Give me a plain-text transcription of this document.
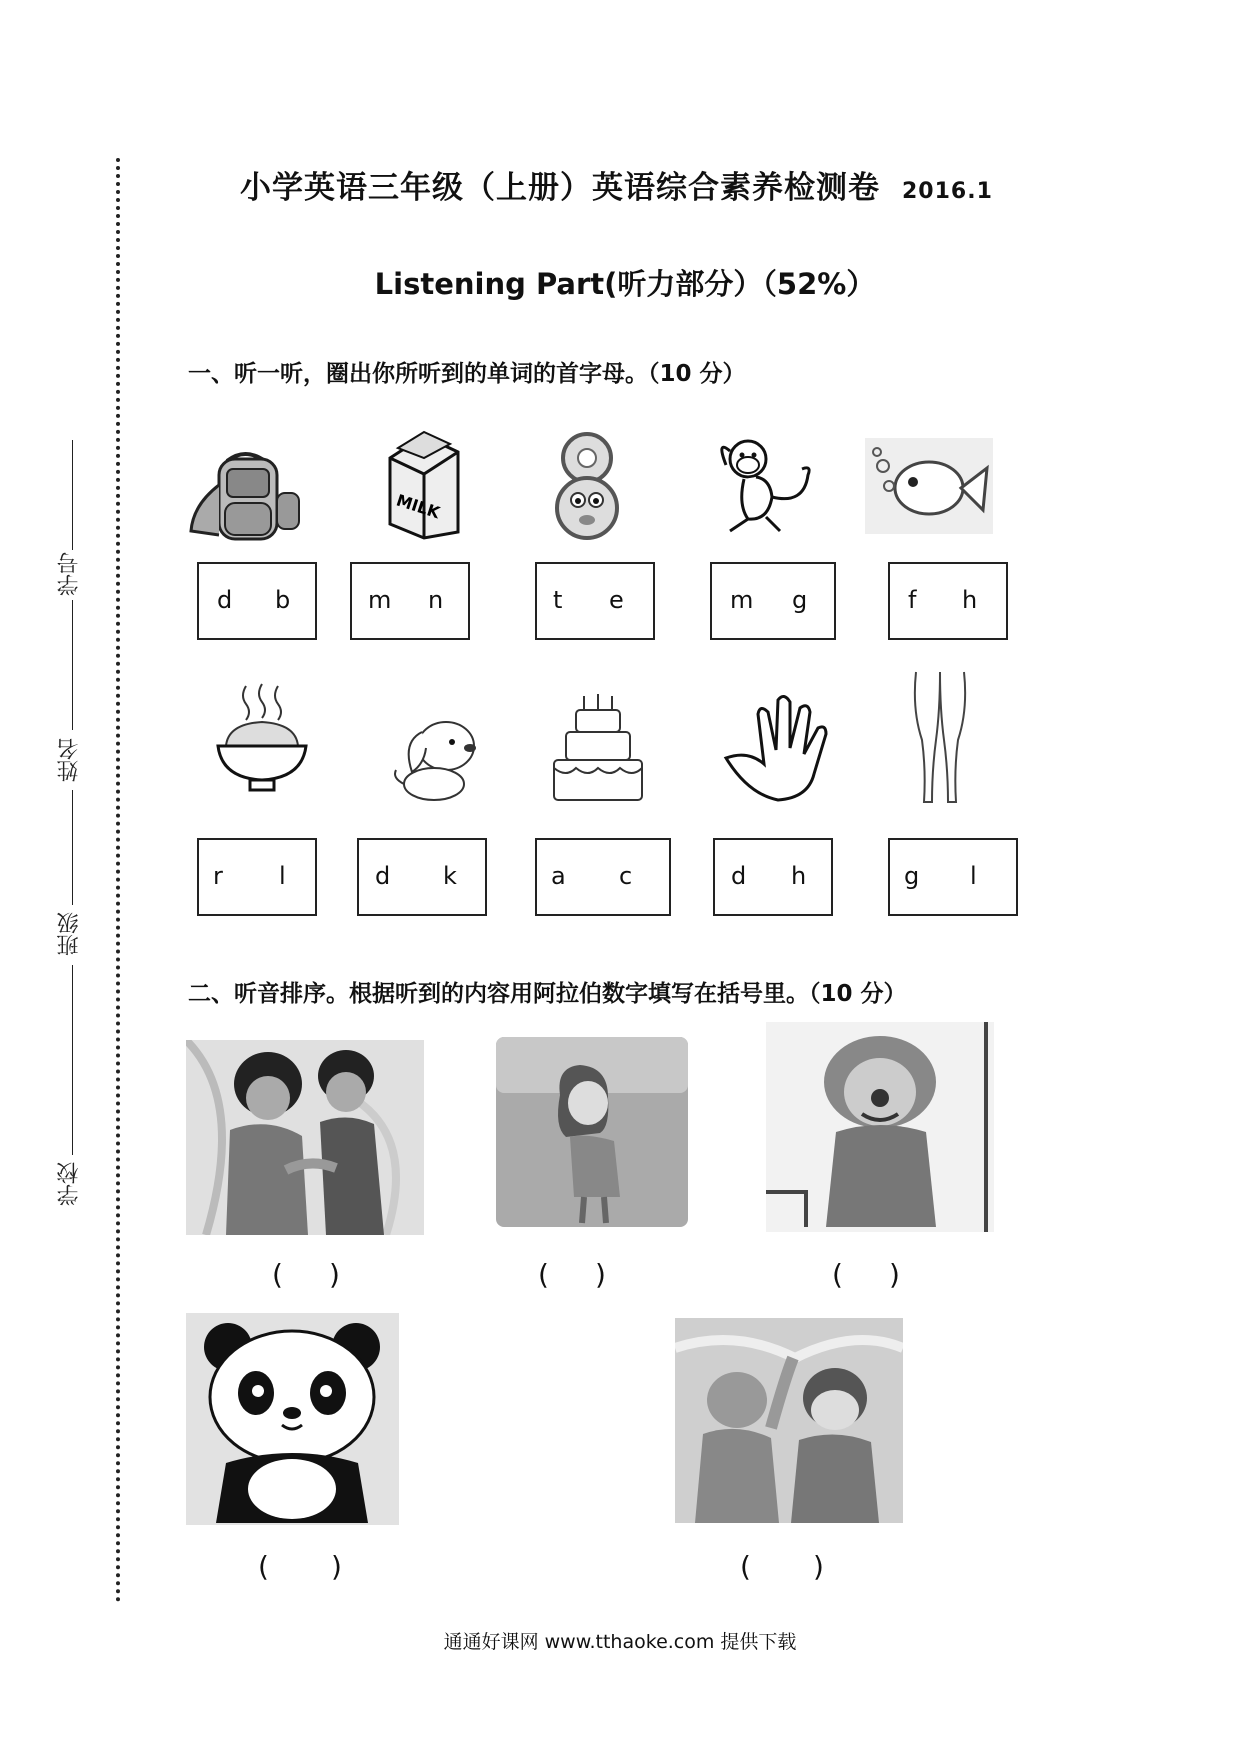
学号
姓名
班级
学校
小学英语三年级（上册）英语综合素养检测卷 2016.1
Listening Part(听力部分）（52%）
一、听一听，圈出你所听到的单词的首字母。（10 分）
MILK
d b	m n	t e	m g	f h
r l	d k	a c	d h	g l
二、听音排序。根据听到的内容用阿拉伯数字填写在括号里。（10 分）
( )	( )	( )
( )	( )
通通好课网 www.tthaoke.com 提供下载
